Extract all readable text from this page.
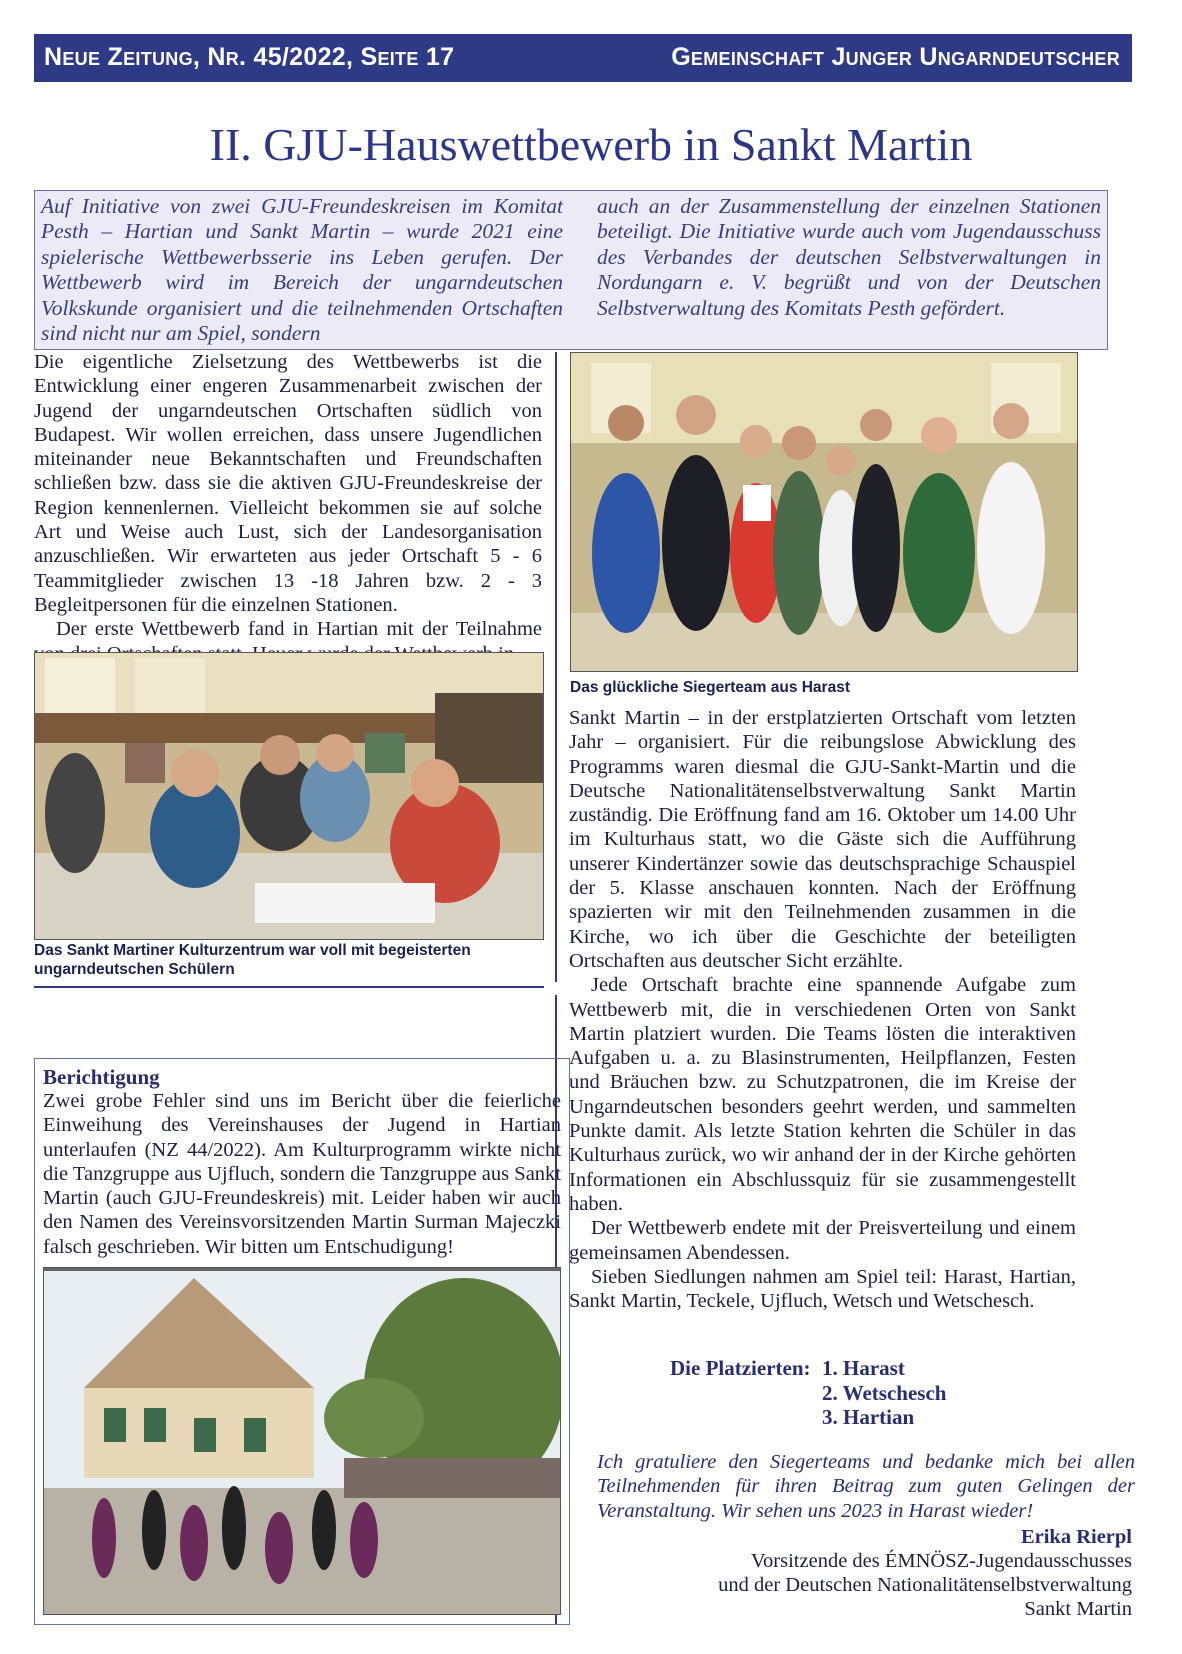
Neue Zeitung, Nr. 45/2022, Seite 17	Gemeinschaft Junger Ungarndeutscher
II. GJU-Hauswettbewerb in Sankt Martin

Auf Initiative von zwei GJU-Freundeskreisen im Komitat Pesth – Hartian und Sankt Martin – wurde 2021 eine spielerische Wettbewerbsserie ins Leben gerufen. Der Wettbewerb wird im Bereich der ungarndeutschen Volkskunde organisiert und die teilnehmenden Ortschaften sind nicht nur am Spiel, sondern

auch an der Zusammenstellung der einzelnen Stationen beteiligt. Die Initiative wurde auch vom Jugendausschuss des Verbandes der deutschen Selbstverwaltungen in Nordungarn e. V. begrüßt und von der Deutschen Selbstverwaltung des Komitats Pesth gefördert.

Die eigentliche Zielsetzung des Wettbewerbs ist die Entwicklung einer engeren Zusammenarbeit zwischen der Jugend der ungarndeutschen Ortschaften südlich von Budapest. Wir wollen erreichen, dass unsere Jugendlichen miteinander neue Bekanntschaften und Freundschaften schließen bzw. dass sie die aktiven GJU-Freundeskreise der Region kennenlernen. Vielleicht bekommen sie auf solche Art und Weise auch Lust, sich der Landesorganisation anzuschließen. Wir erwarteten aus jeder Ortschaft 5 - 6 Teammitglieder zwischen 13 -18 Jahren bzw. 2 - 3 Begleitpersonen für die einzelnen Stationen.

Der erste Wettbewerb fand in Hartian mit der Teilnahme

Das Sankt Martiner Kulturzentrum war voll mit begeisterten ungarndeutschen Schülern
Das glückliche Siegerteam aus Harast

Sankt Martin – in der erstplatzierten Ortschaft vom letzten Jahr – organisiert. Für die reibungslose Abwicklung des Programms waren diesmal die GJU-Sankt-Martin und die Deutsche Nationalitätenselbstverwaltung Sankt Martin zuständig. Die Eröffnung fand am 16. Oktober um 14.00 Uhr im Kulturhaus statt, wo die Gäste sich die Aufführung unserer Kindertänzer sowie das deutschsprachige Schauspiel der 5. Klasse anschauen konnten. Nach der Eröffnung spazierten wir mit den Teilnehmenden zusammen in die Kirche, wo ich über die Geschichte der beteiligten Ortschaften aus deutscher Sicht erzählte.

Jede Ortschaft brachte eine spannende Aufgabe zum Wettbewerb mit, die in verschiedenen Orten von Sankt Martin platziert wurden. Die Teams lösten die interaktiven Aufgaben u. a. zu Blasinstrumenten, Heilpflanzen, Festen und Bräuchen bzw. zu Schutzpatronen, die im Kreise der Ungarndeutschen besonders geehrt werden, und sammelten Punkte damit. Als letzte Station kehrten die Schüler in das Kulturhaus zurück, wo wir anhand der in der Kirche gehörten Informationen ein Abschlussquiz für sie zusammengestellt haben.

Der Wettbewerb endete mit der Preisverteilung und einem gemeinsamen Abendessen.

Sieben Siedlungen nahmen am Spiel teil: Harast, Hartian, Sankt Martin, Teckele, Ujfluch, Wetsch und Wetschesch.

Berichtigung

Zwei grobe Fehler sind uns im Bericht über die feierliche Einweihung des Vereinshauses der Jugend in Hartian unterlaufen (NZ 44/2022). Am Kulturprogramm wirkte nicht die Tanzgruppe aus Ujfluch, sondern die Tanzgruppe aus Sankt Martin (auch GJU-Freundeskreis) mit. Leider haben wir auch den Namen des Vereinsvorsitzenden Martin Surman Majeczki falsch geschrieben. Wir bitten um Entschudigung!

Die Platzierten: 1. Harast
2. Wetschesch
3. Hartian

Ich gratuliere den Siegerteams und bedanke mich bei allen Teilnehmenden für ihren Beitrag zum guten Gelingen der Veranstaltung. Wir sehen uns 2023 in Harast wieder!

Erika Rierpl
Vorsitzende des ÉMNÖSZ-Jugendausschusses
und der Deutschen Nationalitätenselbstverwaltung
Sankt Martin
